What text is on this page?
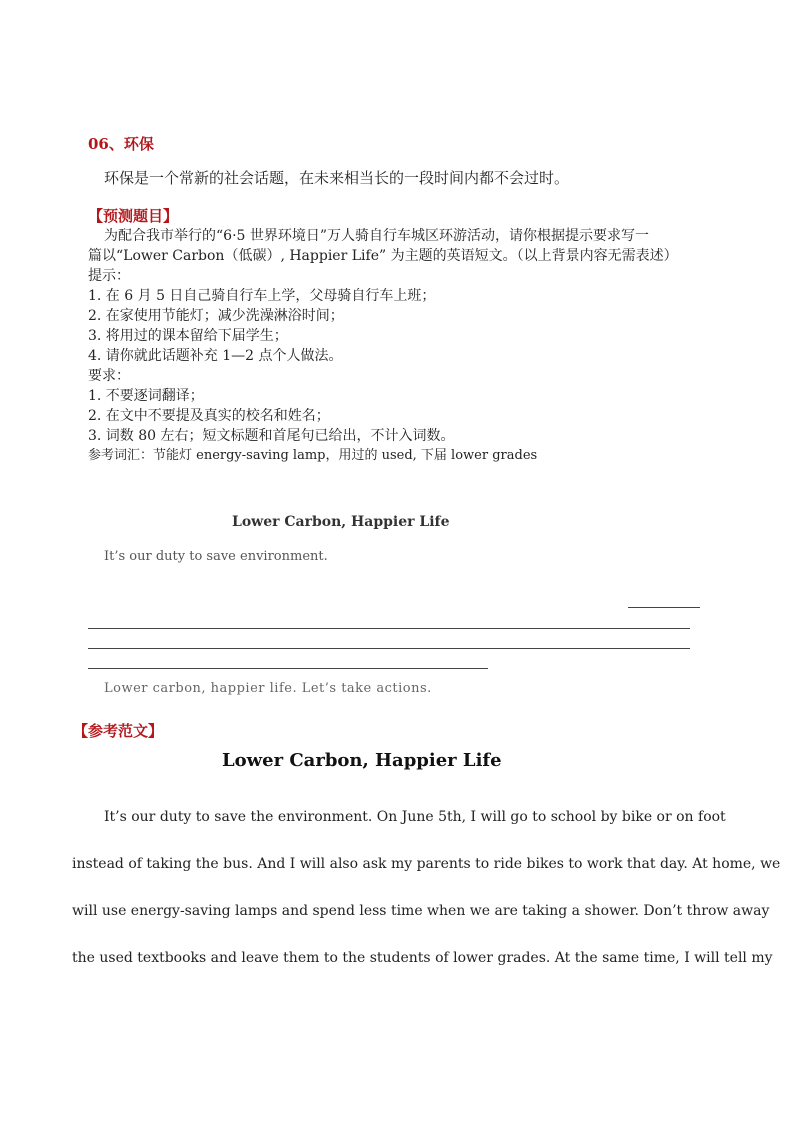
06、环保
环保是一个常新的社会话题，在未来相当长的一段时间内都不会过时。
【预测题目】
为配合我市举行的“6·5 世界环境日”万人骑自行车城区环游活动，请你根据提示要求写一
篇以“Lower Carbon（低碳）, Happier Life” 为主题的英语短文。（以上背景内容无需表述）
提示：
1. 在 6 月 5 日自己骑自行车上学，父母骑自行车上班；
2. 在家使用节能灯；减少洗澡淋浴时间；
3. 将用过的课本留给下届学生；
4. 请你就此话题补充 1—2 点个人做法。
要求：
1. 不要逐词翻译；
2. 在文中不要提及真实的校名和姓名；
3. 词数 80 左右；短文标题和首尾句已给出，不计入词数。
参考词汇：节能灯 energy-saving lamp，用过的 used, 下届 lower grades
Lower Carbon, Happier Life
It’s our duty to save environment.
Lower carbon, happier life. Let’s take actions.
【参考范文】
Lower Carbon, Happier Life
It’s our duty to save the environment. On June 5th, I will go to school by bike or on foot
instead of taking the bus. And I will also ask my parents to ride bikes to work that day. At home, we
will use energy-saving lamps and spend less time when we are taking a shower. Don’t throw away
the used textbooks and leave them to the students of lower grades. At the same time, I will tell my
